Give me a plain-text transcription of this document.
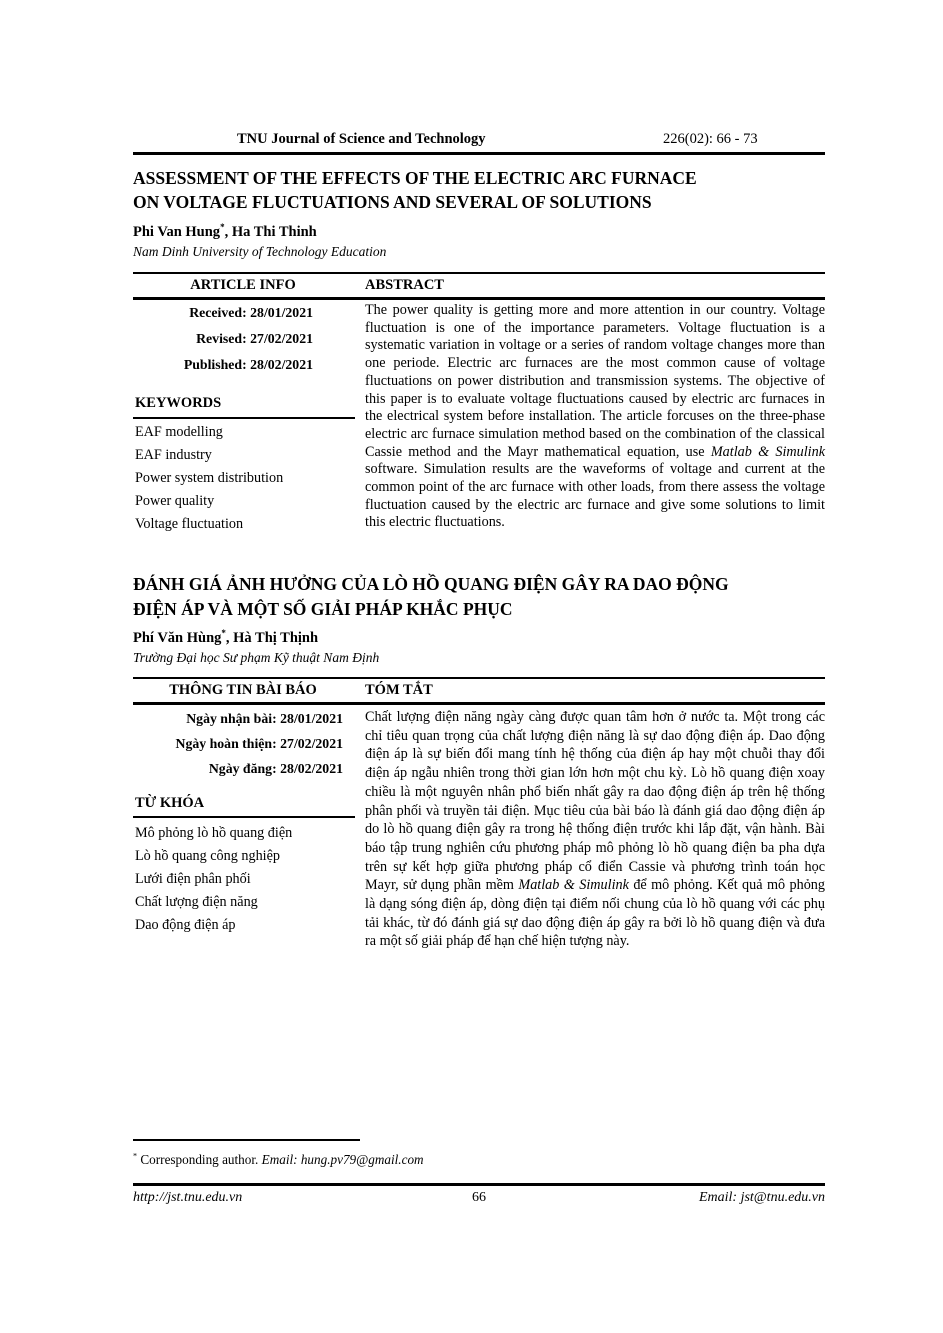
TNU Journal of Science and Technology	226(02): 66 - 73
ASSESSMENT OF THE EFFECTS OF THE ELECTRIC ARC FURNACE
ON VOLTAGE FLUCTUATIONS AND SEVERAL OF SOLUTIONS
Phi Van Hung*, Ha Thi Thinh
Nam Dinh University of Technology Education
ARTICLE INFO	ABSTRACT
Received: 28/01/2021
Revised: 27/02/2021
Published: 28/02/2021
KEYWORDS
EAF modelling
EAF industry
Power system distribution
Power quality
Voltage fluctuation
The power quality is getting more and more attention in our country. Voltage fluctuation is one of the importance parameters. Voltage fluctuation is a systematic variation in voltage or a series of random voltage changes more than one periode. Electric arc furnaces are the most common cause of voltage fluctuations on power distribution and transmission systems. The objective of this paper is to evaluate voltage fluctuations caused by electric arc furnaces in the electrical system before installation. The article forcuses on the three-phase electric arc furnace simulation method based on the combination of the classical Cassie method and the Mayr mathematical equation, use Matlab & Simulink software. Simulation results are the waveforms of voltage and current at the common point of the arc furnace with other loads, from there assess the voltage fluctuation caused by the electric arc furnace and give some solutions to limit this electric fluctuations.
ĐÁNH GIÁ ẢNH HƯỞNG CỦA LÒ HỒ QUANG ĐIỆN GÂY RA DAO ĐỘNG
ĐIỆN ÁP VÀ MỘT SỐ GIẢI PHÁP KHẮC PHỤC
Phí Văn Hùng*, Hà Thị Thịnh
Trường Đại học Sư phạm Kỹ thuật Nam Định
THÔNG TIN BÀI BÁO	TÓM TẮT
Ngày nhận bài: 28/01/2021
Ngày hoàn thiện: 27/02/2021
Ngày đăng: 28/02/2021
TỪ KHÓA
Mô phỏng lò hồ quang điện
Lò hồ quang công nghiệp
Lưới điện phân phối
Chất lượng điện năng
Dao động điện áp
Chất lượng điện năng ngày càng được quan tâm hơn ở nước ta. Một trong các chỉ tiêu quan trọng của chất lượng điện năng là sự dao động điện áp. Dao động điện áp là sự biến đổi mang tính hệ thống của điện áp hay một chuỗi thay đổi điện áp ngẫu nhiên trong thời gian lớn hơn một chu kỳ. Lò hồ quang điện xoay chiều là một nguyên nhân phổ biến nhất gây ra dao động điện áp trên hệ thống phân phối và truyền tải điện. Mục tiêu của bài báo là đánh giá dao động điện áp do lò hồ quang điện gây ra trong hệ thống điện trước khi lắp đặt, vận hành. Bài báo tập trung nghiên cứu phương pháp mô phỏng lò hồ quang điện ba pha dựa trên sự kết hợp giữa phương pháp cổ điển Cassie và phương trình toán học Mayr, sử dụng phần mềm Matlab & Simulink để mô phỏng. Kết quả mô phỏng là dạng sóng điện áp, dòng điện tại điểm nối chung của lò hồ quang với các phụ tải khác, từ đó đánh giá sự dao động điện áp gây ra bởi lò hồ quang điện và đưa ra một số giải pháp để hạn chế hiện tượng này.
* Corresponding author. Email: hung.pv79@gmail.com
66
http://jst.tnu.edu.vn	Email: jst@tnu.edu.vn
